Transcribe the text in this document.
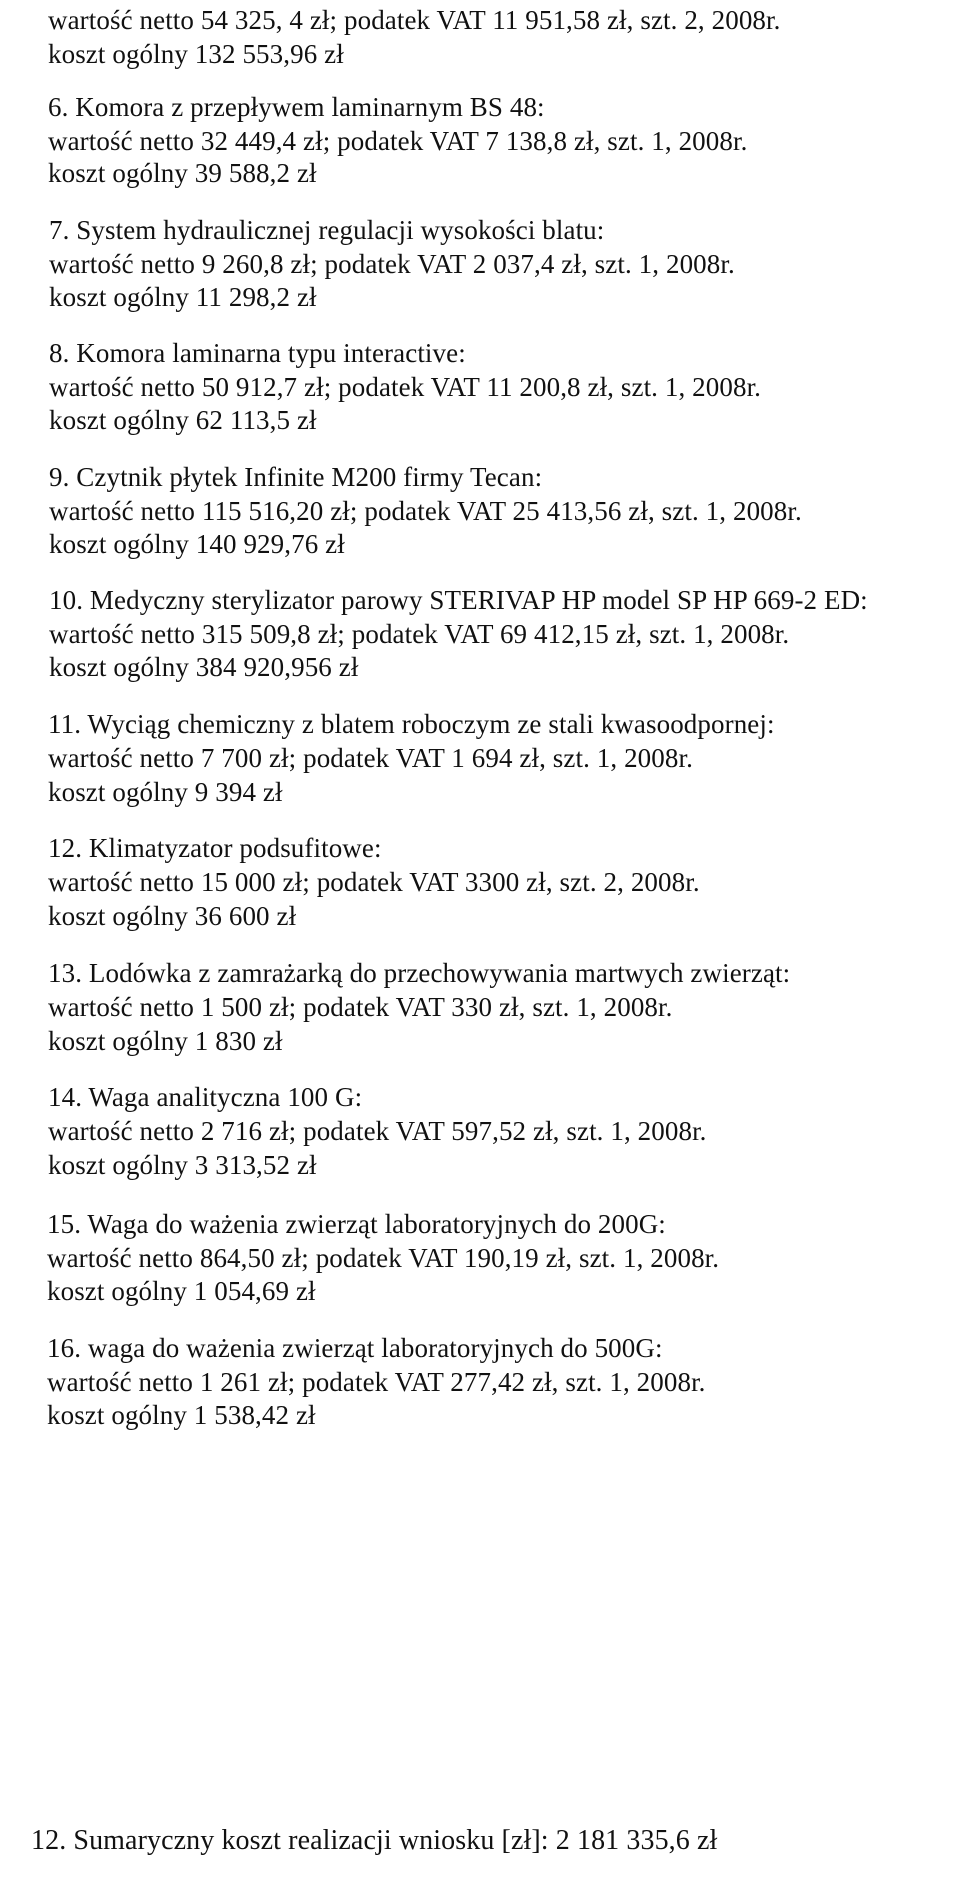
wartość netto 54 325, 4 zł; podatek VAT 11 951,58 zł, szt. 2, 2008r.
koszt ogólny 132 553,96 zł
6. Komora z przepływem laminarnym BS 48:
wartość netto 32 449,4 zł; podatek VAT 7 138,8 zł, szt. 1, 2008r.
koszt ogólny 39 588,2 zł
7. System hydraulicznej regulacji wysokości blatu:
wartość netto 9 260,8 zł; podatek VAT 2 037,4 zł, szt. 1, 2008r.
koszt ogólny 11 298,2 zł
8. Komora laminarna typu interactive:
wartość netto 50 912,7 zł; podatek VAT 11 200,8 zł, szt. 1, 2008r.
koszt ogólny 62 113,5 zł
9. Czytnik płytek Infinite M200 firmy Tecan:
wartość netto 115 516,20 zł; podatek VAT 25 413,56 zł, szt. 1, 2008r.
koszt ogólny 140 929,76 zł
10. Medyczny sterylizator parowy STERIVAP HP model SP HP 669-2 ED:
wartość netto 315 509,8 zł; podatek VAT 69 412,15 zł, szt. 1, 2008r.
koszt ogólny 384 920,956 zł
11. Wyciąg chemiczny z blatem roboczym ze stali kwasoodpornej:
wartość netto 7 700 zł; podatek VAT 1 694 zł, szt. 1, 2008r.
koszt ogólny 9 394 zł
12. Klimatyzator podsufitowe:
wartość netto 15 000 zł; podatek VAT 3300 zł, szt. 2, 2008r.
koszt ogólny 36 600 zł
13. Lodówka z zamrażarką do przechowywania martwych zwierząt:
wartość netto 1 500 zł; podatek VAT 330 zł, szt. 1, 2008r.
koszt ogólny 1 830 zł
14. Waga analityczna 100 G:
wartość netto 2 716 zł; podatek VAT 597,52 zł, szt. 1, 2008r.
koszt ogólny 3 313,52 zł
15. Waga do ważenia zwierząt laboratoryjnych do 200G:
wartość netto 864,50 zł; podatek VAT 190,19 zł, szt. 1, 2008r.
koszt ogólny 1 054,69 zł
16. waga do ważenia zwierząt laboratoryjnych do 500G:
wartość netto 1 261 zł; podatek VAT 277,42 zł, szt. 1, 2008r.
koszt ogólny 1 538,42 zł
12. Sumaryczny koszt realizacji wniosku [zł]: 2 181 335,6 zł
